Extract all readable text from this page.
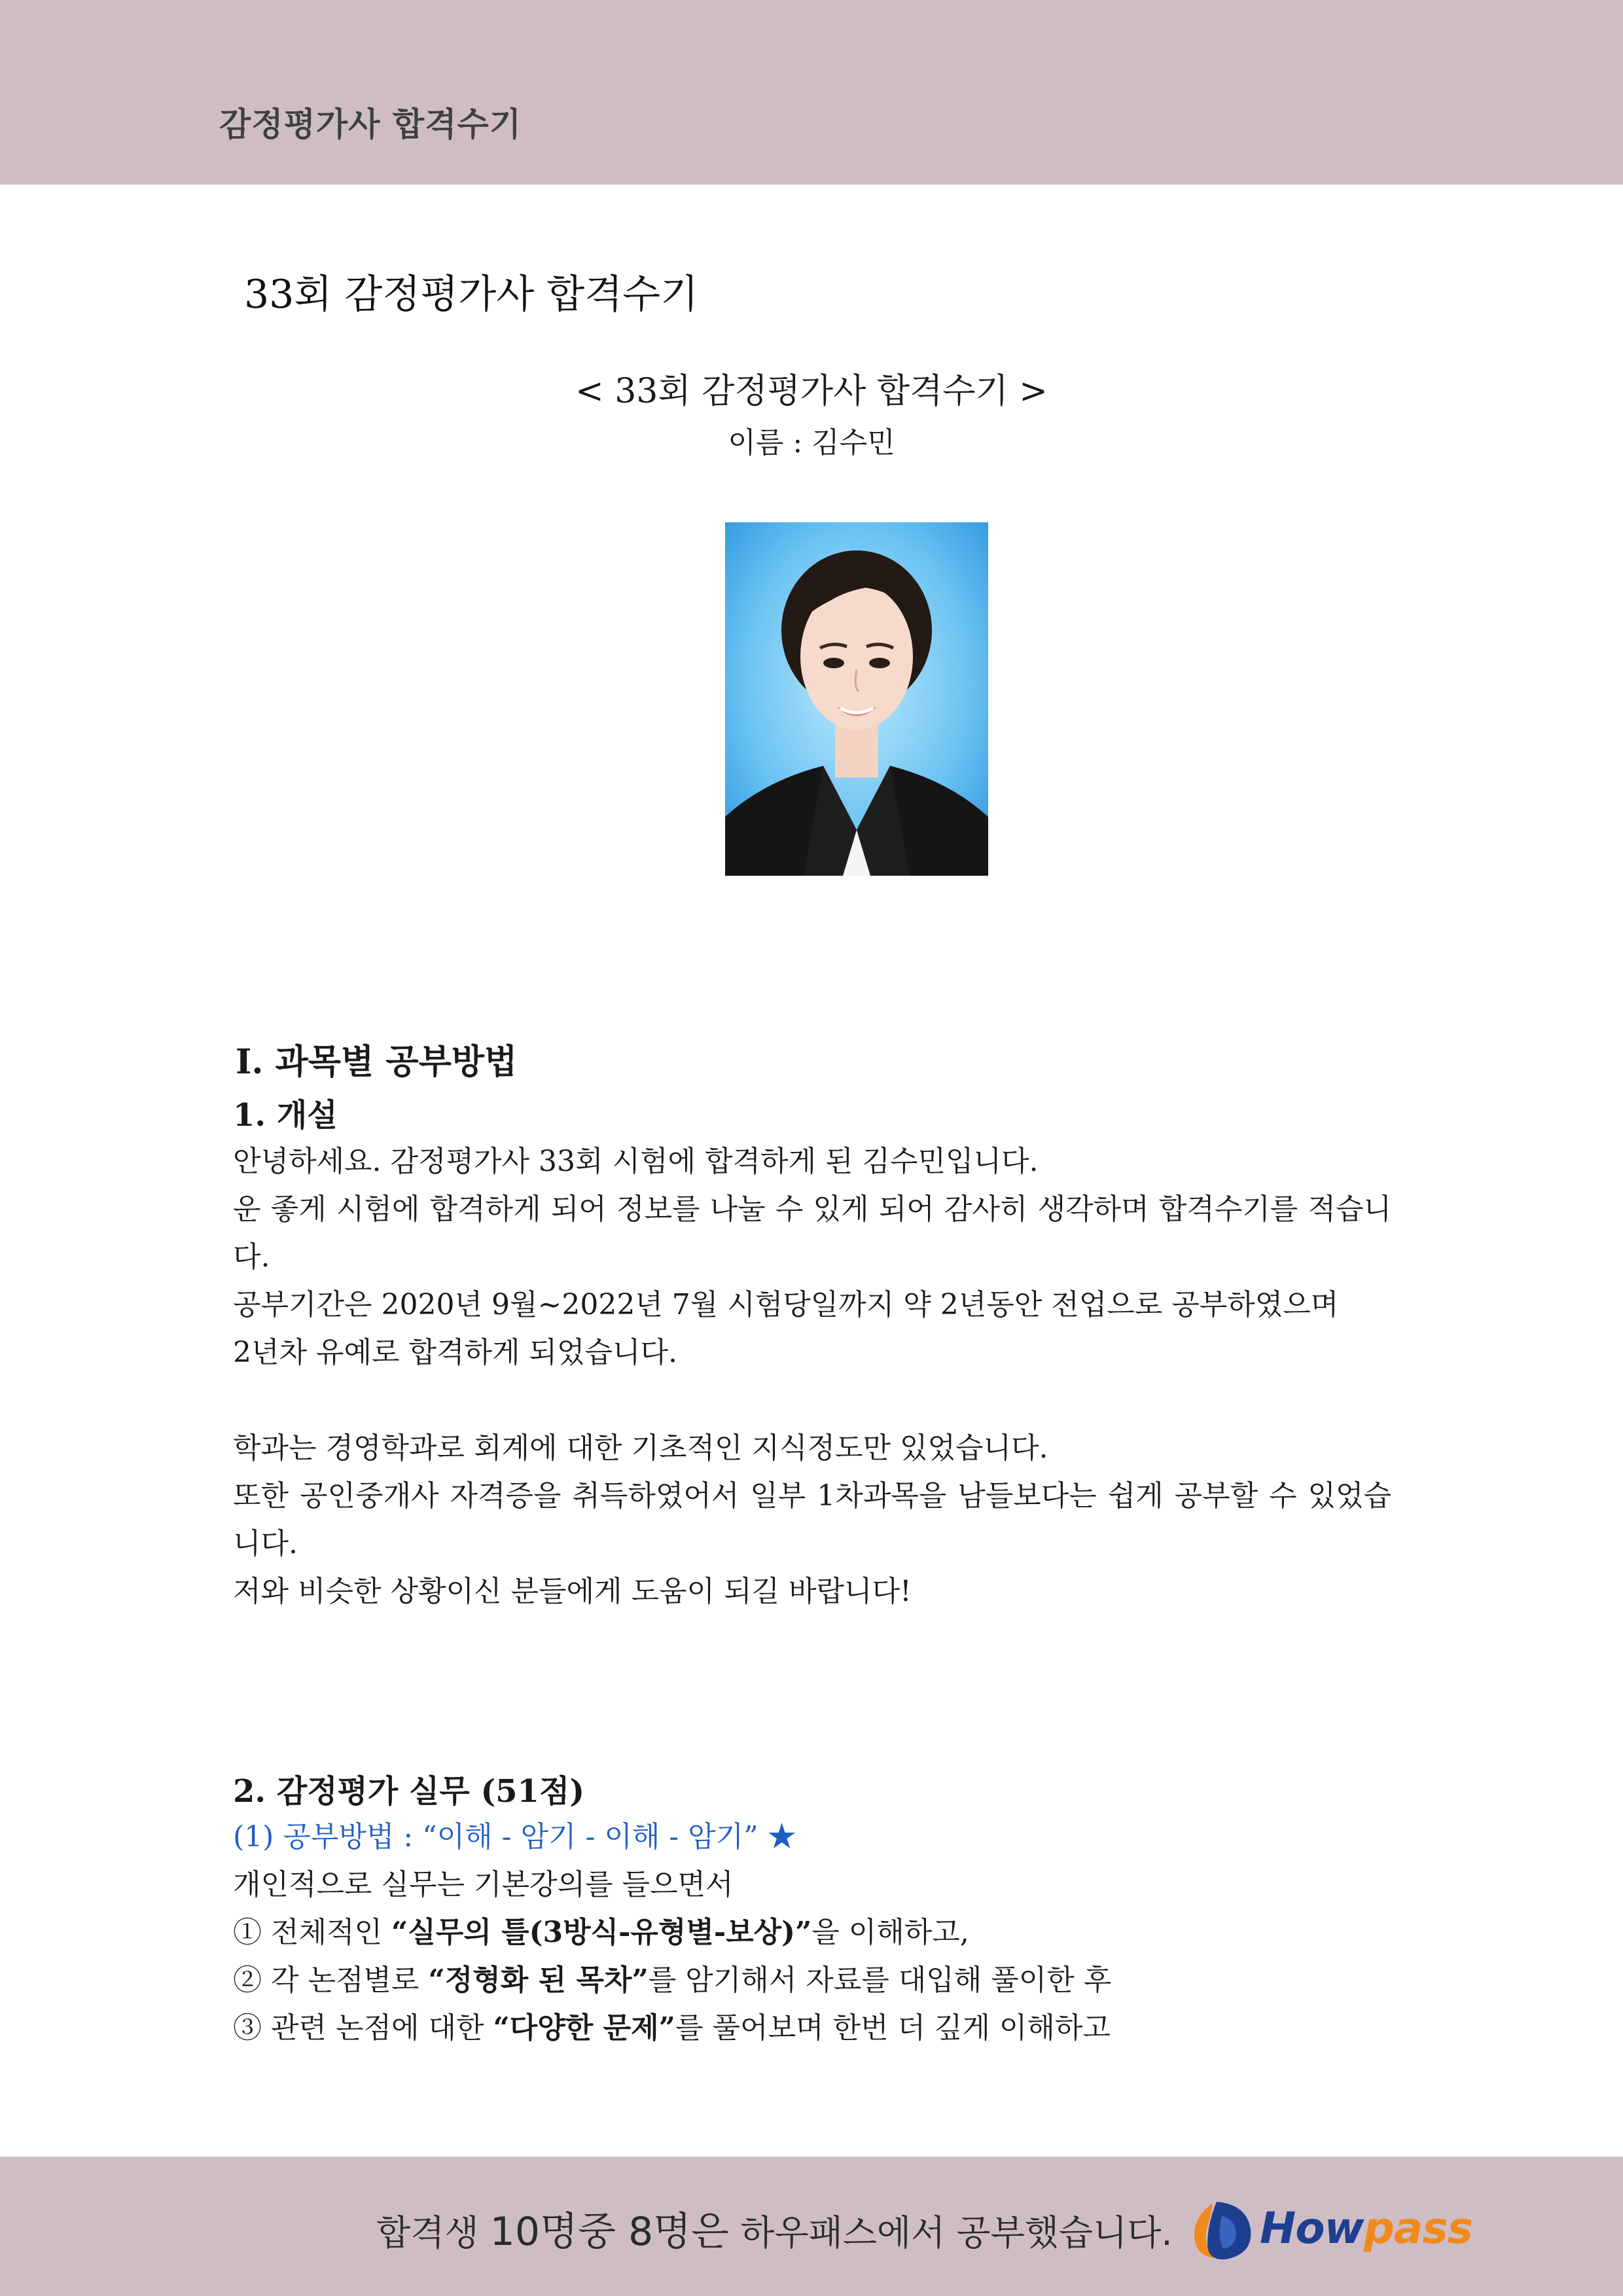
감정평가사 합격수기
33회 감정평가사 합격수기
< 33회 감정평가사 합격수기 >
이름 : 김수민
Ⅰ. 과목별 공부방법
1. 개설

안녕하세요. 감정평가사 33회 시험에 합격하게 된 김수민입니다.

운 좋게 시험에 합격하게 되어 정보를 나눌 수 있게 되어 감사히 생각하며 합격수기를 적습니다.

공부기간은 2020년 9월~2022년 7월 시험당일까지 약 2년동안 전업으로 공부하였으며

2년차 유예로 합격하게 되었습니다.

학과는 경영학과로 회계에 대한 기초적인 지식정도만 있었습니다.

또한 공인중개사 자격증을 취득하였어서 일부 1차과목을 남들보다는 쉽게 공부할 수 있었습니다.

저와 비슷한 상황이신 분들에게 도움이 되길 바랍니다!

2. 감정평가 실무 (51점)

(1) 공부방법 : “이해 - 암기 - 이해 - 암기” ★

개인적으로 실무는 기본강의를 들으면서

① 전체적인 “실무의 틀(3방식-유형별-보상)”을 이해하고,

② 각 논점별로 “정형화 된 목차”를 암기해서 자료를 대입해 풀이한 후

③ 관련 논점에 대한 “다양한 문제”를 풀어보며 한번 더 깊게 이해하고

합격생 10명중 8명은 하우패스에서 공부했습니다. Howpass
